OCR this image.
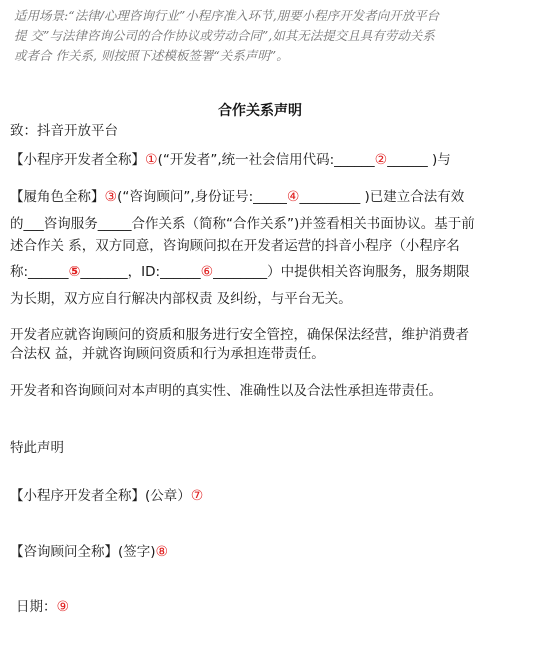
适用场景:“法律/心理咨询行业”小程序准入环节,朋要小程序开发者向开放平台
提 交”与法律咨询公司的合作协议或劳动合同”,如其无法提交且具有劳动关系
或者合 作关系, 则按照下述模板签署“关系声明”。
合作关系声明
致：抖音开放平台
【小程序开发者全称】①(“开发者”,统一社会信用代码:______②______ )与
【履角色全称】③(“咨询顾问”,身份证号:_____④_________ )已建立合法有效
的___咨询服务_____合作关系（简称“合作关系”)并签看相关书面协议。基于前
述合作关 系，双方同意，咨询顾问拟在开发者运营的抖音小程序（小程序名
称:______⑤_______，ID:______⑥________）中提供相关咨询服务，服务期限
为长期，双方应自行解决内部权责 及纠纷，与平台无关。
开发者应就咨询顾问的资质和服务进行安全管控，确保保法经营，维护消费者
合法权 益，并就咨询顾问资质和行为承担连带责任。
开发者和咨询顾问对本声明的真实性、准确性以及合法性承担连带责任。
特此声明
【小程序开发者全称】(公章）⑦
【咨询顾问全称】(签字)⑧
日期：⑨
